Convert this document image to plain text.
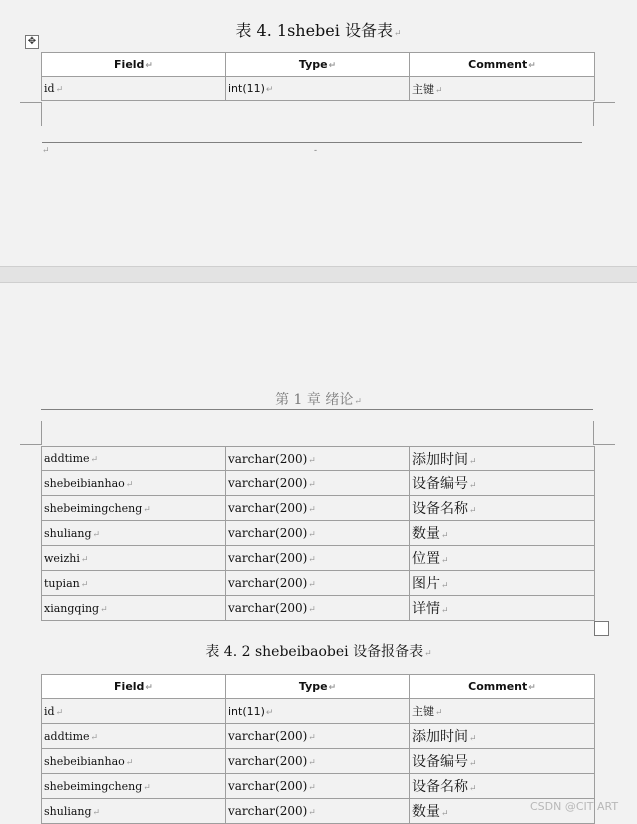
✥
表 4. 1shebei 设备表↵
Field↵	Type↵	Comment↵
id↵	int(11)↵	主键↵
↵	-
第 1 章 绪论↵
addtime↵	varchar(200)↵	添加时间↵
shebeibianhao↵	varchar(200)↵	设备编号↵
shebeimingcheng↵	varchar(200)↵	设备名称↵
shuliang↵	varchar(200)↵	数量↵
weizhi↵	varchar(200)↵	位置↵
tupian↵	varchar(200)↵	图片↵
xiangqing↵	varchar(200)↵	详情↵
表 4. 2 shebeibaobei 设备报备表↵
Field↵	Type↵	Comment↵
id↵	int(11)↵	主键↵
addtime↵	varchar(200)↵	添加时间↵
shebeibianhao↵	varchar(200)↵	设备编号↵
shebeimingcheng↵	varchar(200)↵	设备名称↵
shuliang↵	varchar(200)↵	数量↵
CSDN @CIT ART
